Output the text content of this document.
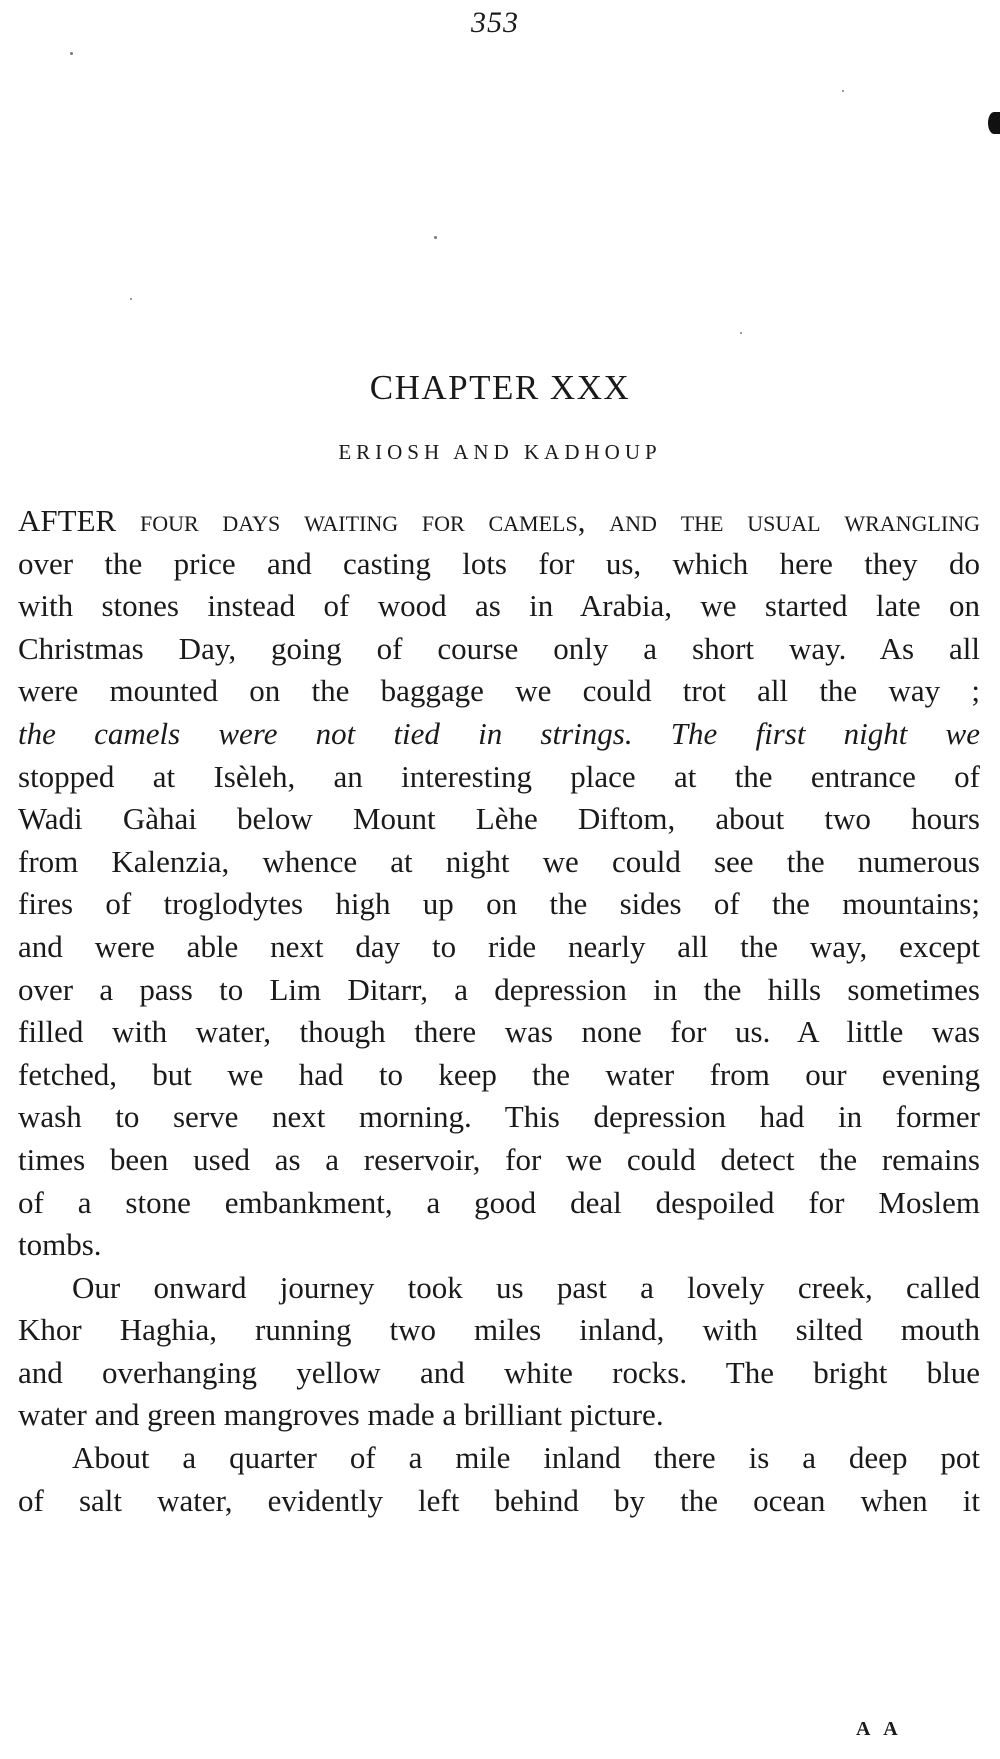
353
CHAPTER XXX
ERIOSH AND KADHOUP
AFTER four days waiting for camels, and the usual wrangling
over the price and casting lots for us, which here they do
with stones instead of wood as in Arabia, we started late on
Christmas Day, going of course only a short way. As all
were mounted on the baggage we could trot all the way ;
the camels were not tied in strings. The first night we
stopped at Isèleh, an interesting place at the entrance of
Wadi Gàhai below Mount Lèhe Diftom, about two hours
from Kalenzia, whence at night we could see the numerous
fires of troglodytes high up on the sides of the mountains;
and were able next day to ride nearly all the way, except
over a pass to Lim Ditarr, a depression in the hills sometimes
filled with water, though there was none for us. A little was
fetched, but we had to keep the water from our evening
wash to serve next morning. This depression had in former
times been used as a reservoir, for we could detect the remains
of a stone embankment, a good deal despoiled for Moslem
tombs.
Our onward journey took us past a lovely creek, called
Khor Haghia, running two miles inland, with silted mouth
and overhanging yellow and white rocks. The bright blue
water and green mangroves made a brilliant picture.
About a quarter of a mile inland there is a deep pot
of salt water, evidently left behind by the ocean when it
A A
